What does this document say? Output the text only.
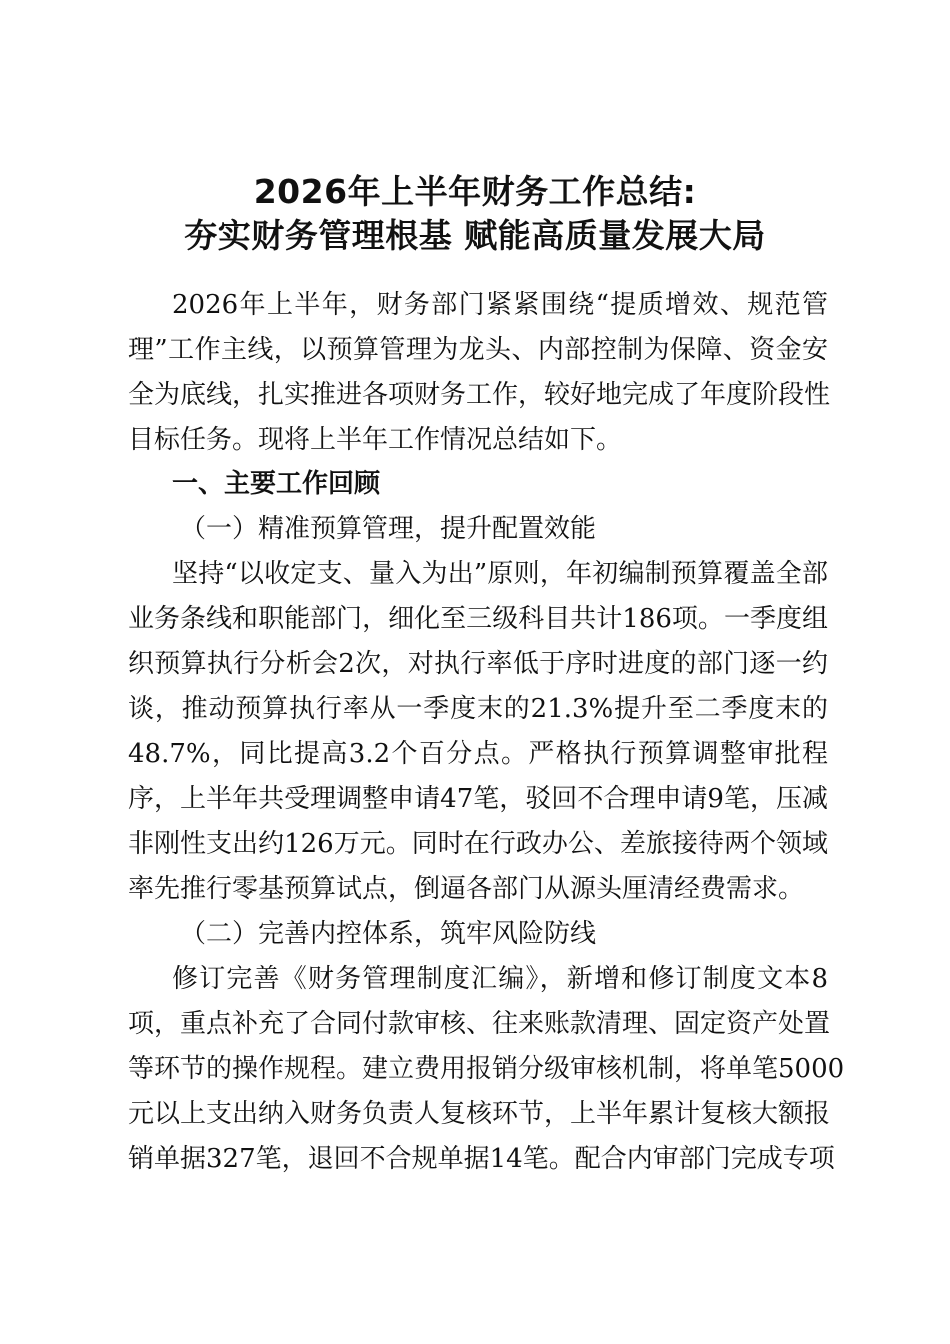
2026年上半年财务工作总结:
夯实财务管理根基 赋能高质量发展大局
2026年上半年，财务部门紧紧围绕“提质增效、规范管
理”工作主线，以预算管理为龙头、内部控制为保障、资金安
全为底线，扎实推进各项财务工作，较好地完成了年度阶段性
目标任务。现将上半年工作情况总结如下。
一、主要工作回顾
（一）精准预算管理，提升配置效能
坚持“以收定支、量入为出”原则，年初编制预算覆盖全部
业务条线和职能部门，细化至三级科目共计186项。一季度组
织预算执行分析会2次，对执行率低于序时进度的部门逐一约
谈，推动预算执行率从一季度末的21.3%提升至二季度末的
48.7%，同比提高3.2个百分点。严格执行预算调整审批程
序，上半年共受理调整申请47笔，驳回不合理申请9笔，压减
非刚性支出约126万元。同时在行政办公、差旅接待两个领域
率先推行零基预算试点，倒逼各部门从源头厘清经费需求。
（二）完善内控体系，筑牢风险防线
修订完善《财务管理制度汇编》，新增和修订制度文本8
项，重点补充了合同付款审核、往来账款清理、固定资产处置
等环节的操作规程。建立费用报销分级审核机制，将单笔5000
元以上支出纳入财务负责人复核环节，上半年累计复核大额报
销单据327笔，退回不合规单据14笔。配合内审部门完成专项
